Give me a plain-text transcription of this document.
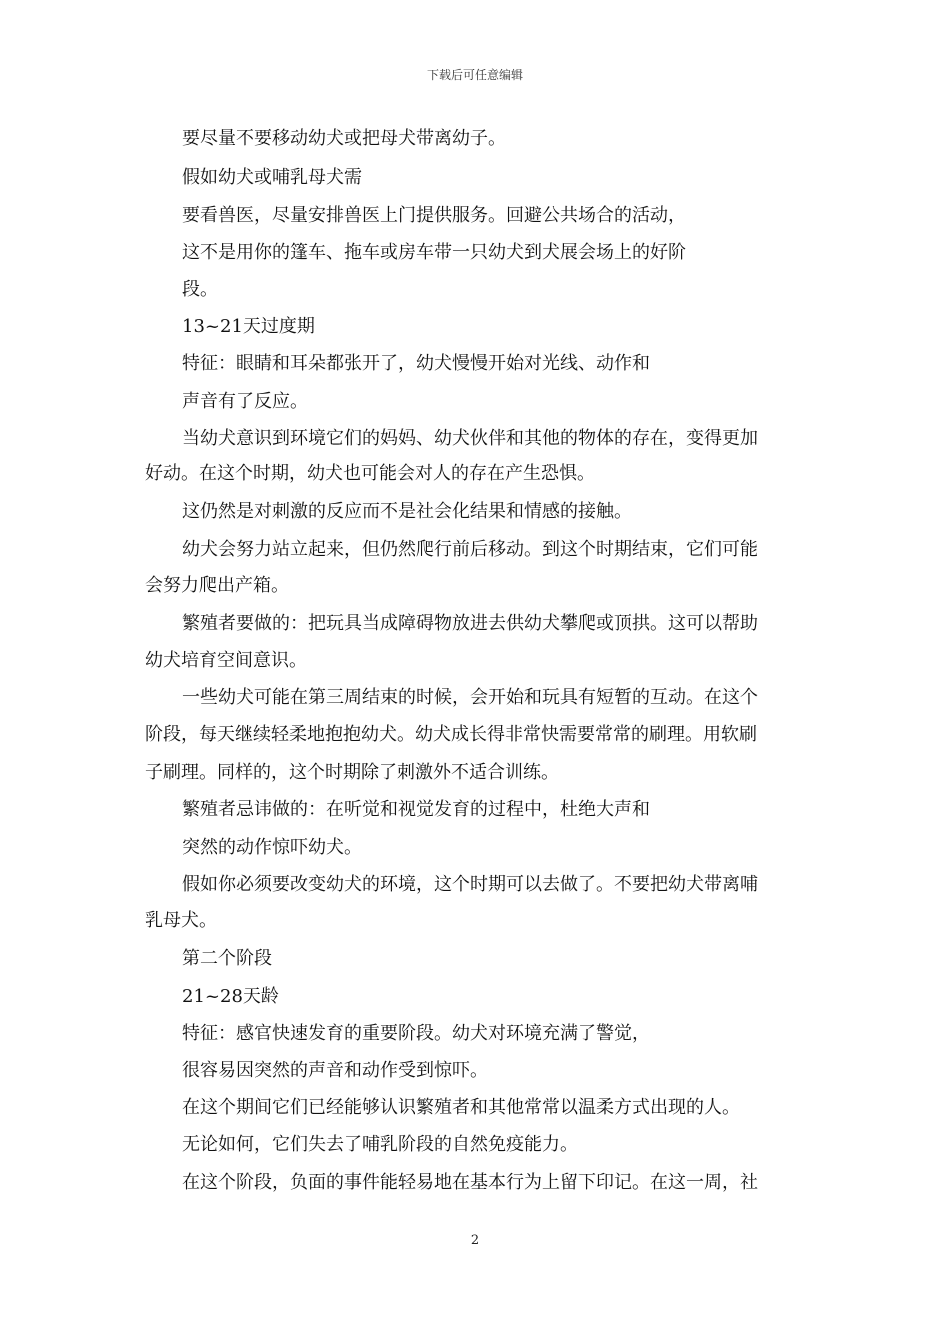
下载后可任意编辑
要尽量不要移动幼犬或把母犬带离幼子。
假如幼犬或哺乳母犬需
要看兽医，尽量安排兽医上门提供服务。回避公共场合的活动，
这不是用你的篷车、拖车或房车带一只幼犬到犬展会场上的好阶
段。
13~21天过度期
特征：眼睛和耳朵都张开了，幼犬慢慢开始对光线、动作和
声音有了反应。
当幼犬意识到环境它们的妈妈、幼犬伙伴和其他的物体的存在，变得更加
好动。在这个时期，幼犬也可能会对人的存在产生恐惧。
这仍然是对刺激的反应而不是社会化结果和情感的接触。
幼犬会努力站立起来，但仍然爬行前后移动。到这个时期结束，它们可能
会努力爬出产箱。
繁殖者要做的：把玩具当成障碍物放进去供幼犬攀爬或顶拱。这可以帮助
幼犬培育空间意识。
一些幼犬可能在第三周结束的时候，会开始和玩具有短暂的互动。在这个
阶段，每天继续轻柔地抱抱幼犬。幼犬成长得非常快需要常常的刷理。用软刷
子刷理。同样的，这个时期除了刺激外不适合训练。
繁殖者忌讳做的：在听觉和视觉发育的过程中，杜绝大声和
突然的动作惊吓幼犬。
假如你必须要改变幼犬的环境，这个时期可以去做了。不要把幼犬带离哺
乳母犬。
第二个阶段
21~28天龄
特征：感官快速发育的重要阶段。幼犬对环境充满了警觉，
很容易因突然的声音和动作受到惊吓。
在这个期间它们已经能够认识繁殖者和其他常常以温柔方式出现的人。
无论如何，它们失去了哺乳阶段的自然免疫能力。
在这个阶段，负面的事件能轻易地在基本行为上留下印记。在这一周，社
2
